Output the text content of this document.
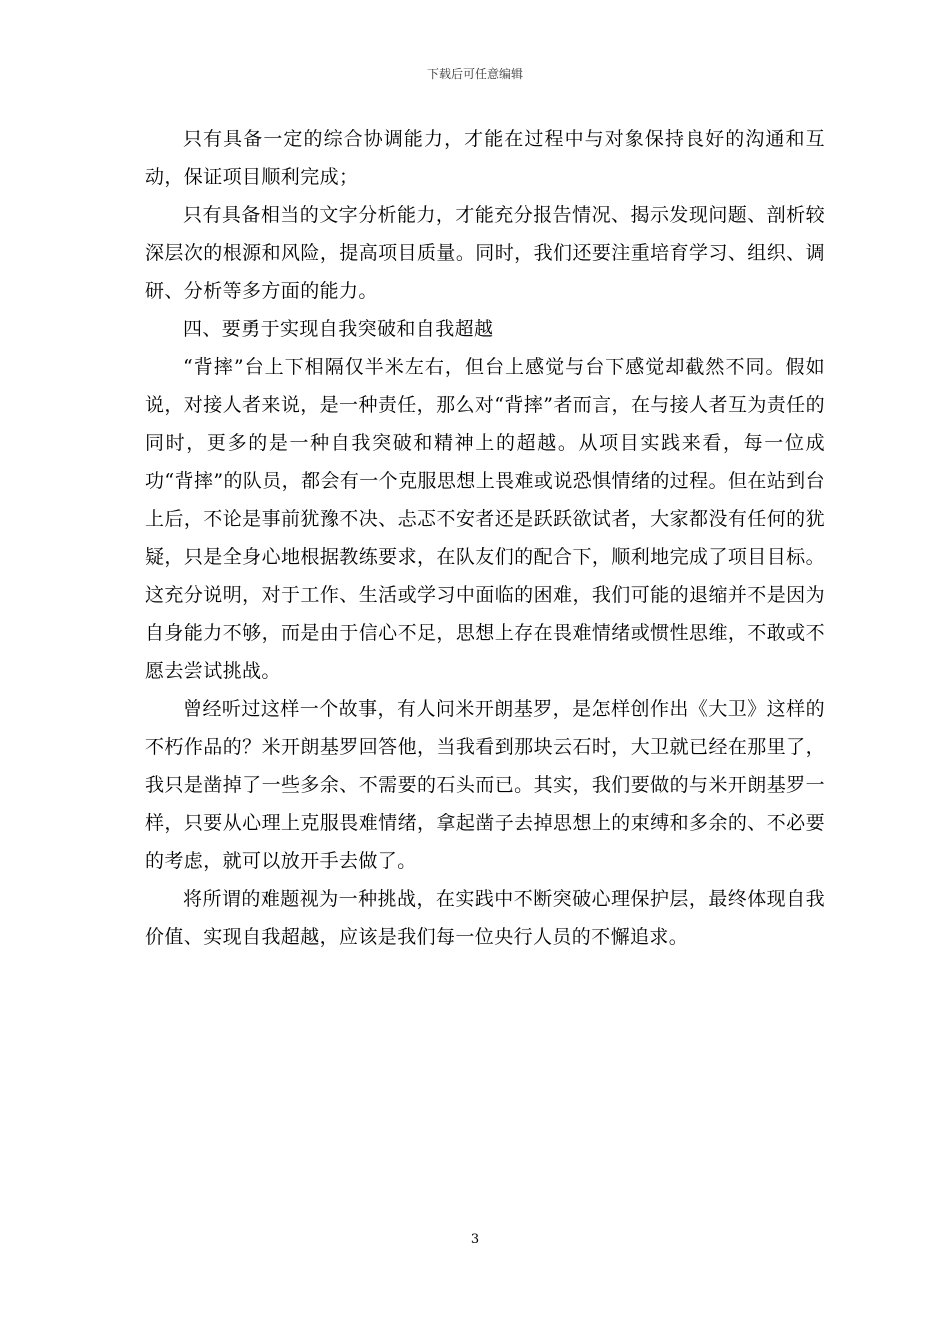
下载后可任意编辑

只有具备一定的综合协调能力，才能在过程中与对象保持良好的沟通和互动，保证项目顺利完成；

只有具备相当的文字分析能力，才能充分报告情况、揭示发现问题、剖析较深层次的根源和风险，提高项目质量。同时，我们还要注重培育学习、组织、调研、分析等多方面的能力。

四、要勇于实现自我突破和自我超越

“背摔”台上下相隔仅半米左右，但台上感觉与台下感觉却截然不同。假如说，对接人者来说，是一种责任，那么对“背摔”者而言，在与接人者互为责任的同时，更多的是一种自我突破和精神上的超越。从项目实践来看，每一位成功“背摔”的队员，都会有一个克服思想上畏难或说恐惧情绪的过程。但在站到台上后，不论是事前犹豫不决、忐忑不安者还是跃跃欲试者，大家都没有任何的犹疑，只是全身心地根据教练要求，在队友们的配合下，顺利地完成了项目目标。这充分说明，对于工作、生活或学习中面临的困难，我们可能的退缩并不是因为自身能力不够，而是由于信心不足，思想上存在畏难情绪或惯性思维，不敢或不愿去尝试挑战。

曾经听过这样一个故事，有人问米开朗基罗，是怎样创作出《大卫》这样的不朽作品的？米开朗基罗回答他，当我看到那块云石时，大卫就已经在那里了，我只是凿掉了一些多余、不需要的石头而已。其实，我们要做的与米开朗基罗一样，只要从心理上克服畏难情绪，拿起凿子去掉思想上的束缚和多余的、不必要的考虑，就可以放开手去做了。

将所谓的难题视为一种挑战，在实践中不断突破心理保护层，最终体现自我价值、实现自我超越，应该是我们每一位央行人员的不懈追求。

3
